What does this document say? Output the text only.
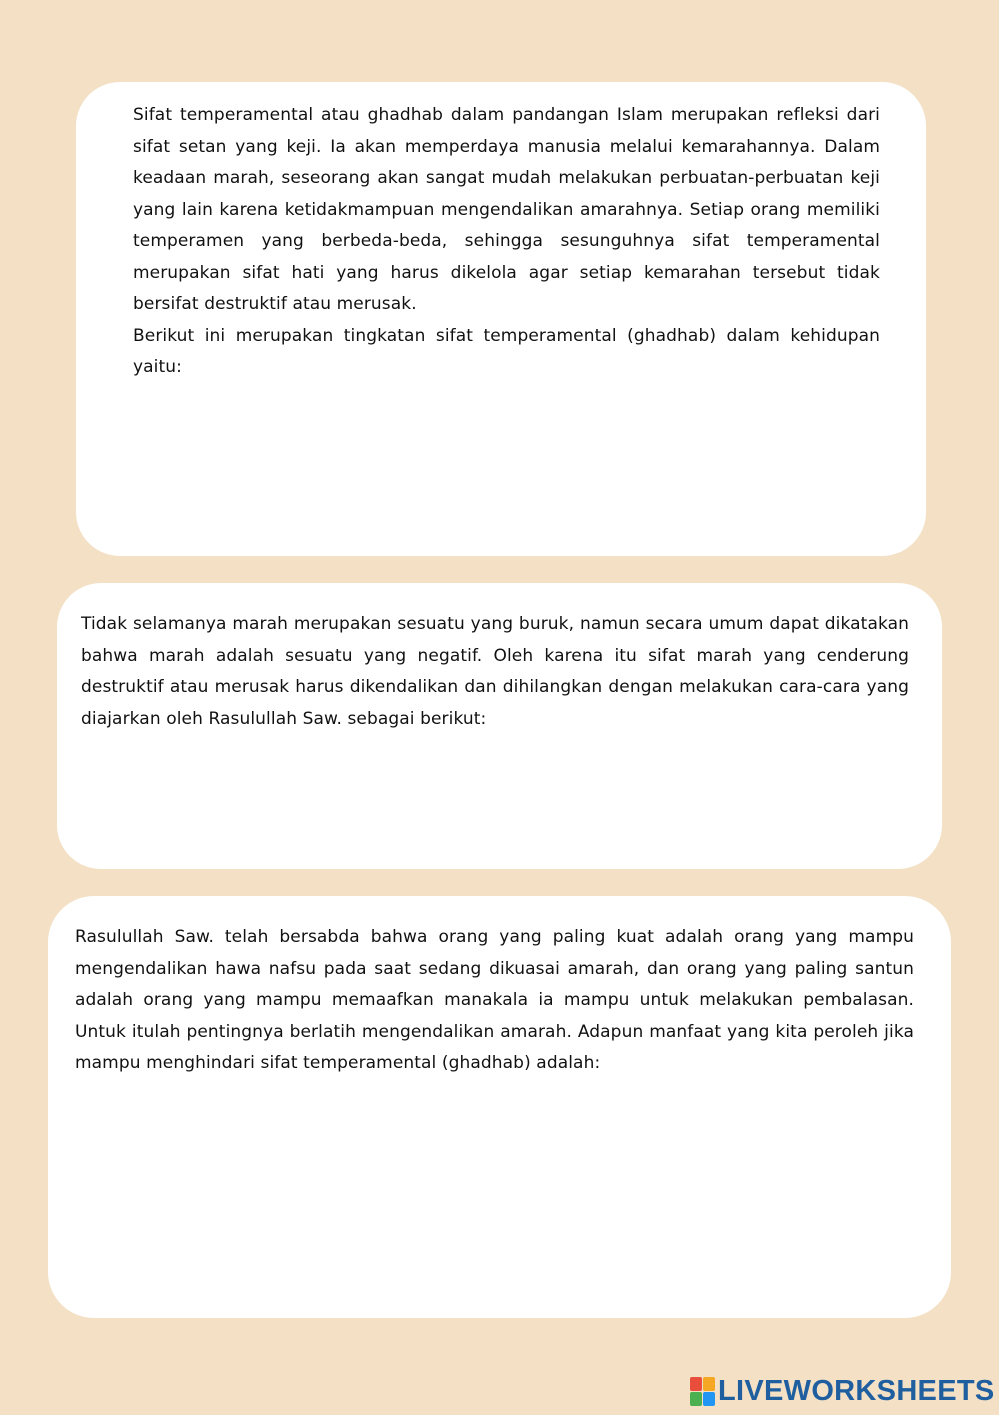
Sifat temperamental atau ghadhab dalam pandangan Islam merupakan refleksi dari sifat setan yang keji. Ia akan memperdaya manusia melalui kemarahannya. Dalam keadaan marah, seseorang akan sangat mudah melakukan perbuatan-perbuatan keji yang lain karena ketidakmampuan mengendalikan amarahnya. Setiap orang memiliki temperamen yang berbeda-beda, sehingga sesunguhnya sifat temperamental merupakan sifat hati yang harus dikelola agar setiap kemarahan tersebut tidak bersifat destruktif atau merusak.

Berikut ini merupakan tingkatan sifat temperamental (ghadhab) dalam kehidupan yaitu:

Tidak selamanya marah merupakan sesuatu yang buruk, namun secara umum dapat dikatakan bahwa marah adalah sesuatu yang negatif. Oleh karena itu sifat marah yang cenderung destruktif atau merusak harus dikendalikan dan dihilangkan dengan melakukan cara-cara yang diajarkan oleh Rasulullah Saw. sebagai berikut:

Rasulullah Saw. telah bersabda bahwa orang yang paling kuat adalah orang yang mampu mengendalikan hawa nafsu pada saat sedang dikuasai amarah, dan orang yang paling santun adalah orang yang mampu memaafkan manakala ia mampu untuk melakukan pembalasan. Untuk itulah pentingnya berlatih mengendalikan amarah. Adapun manfaat yang kita peroleh jika mampu menghindari sifat temperamental (ghadhab) adalah:

LIVEWORKSHEETS
